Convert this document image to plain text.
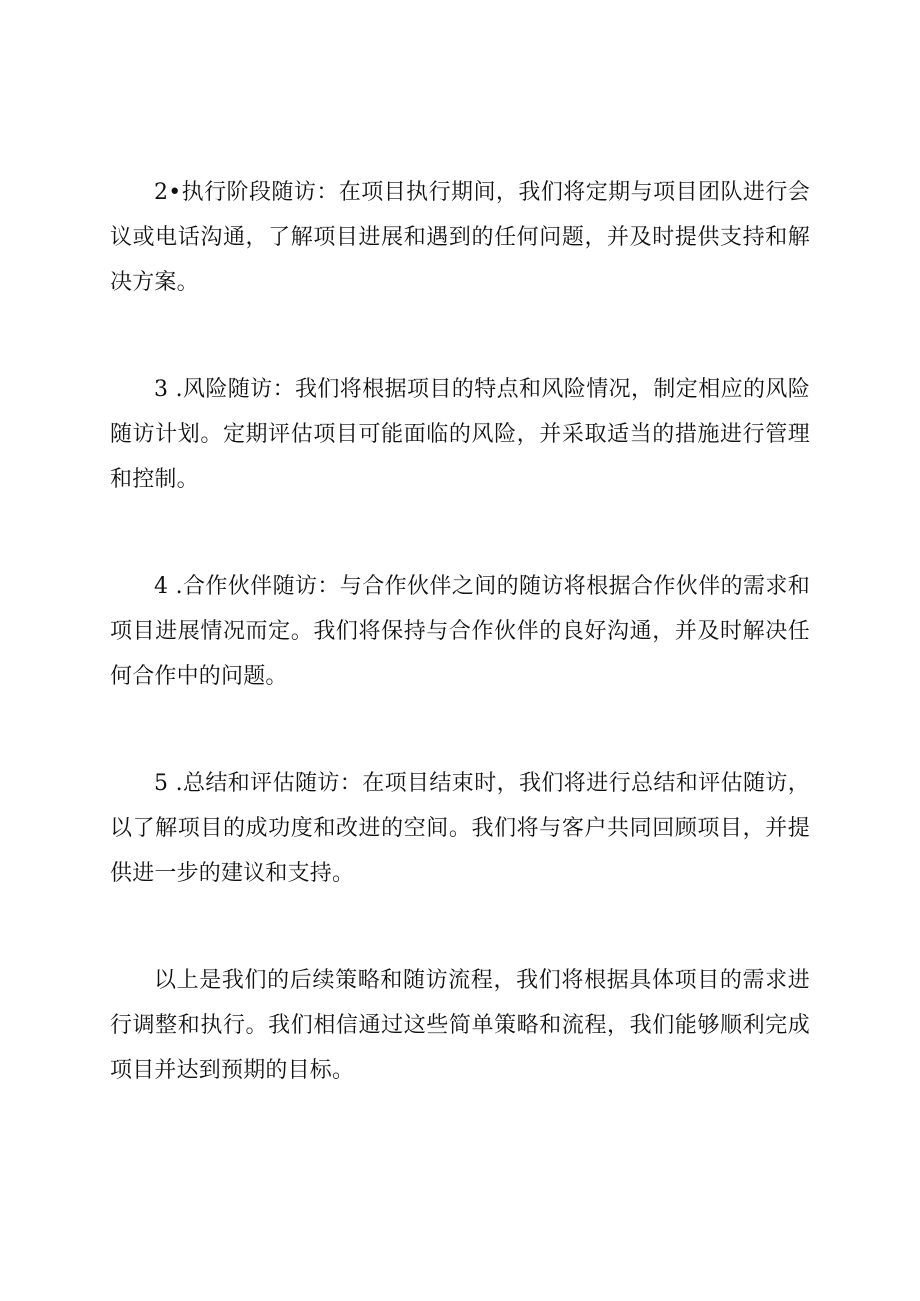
2•执行阶段随访：在项目执行期间，我们将定期与项目团队进行会议或电话沟通，了解项目进展和遇到的任何问题，并及时提供支持和解决方案。

3 .风险随访：我们将根据项目的特点和风险情况，制定相应的风险随访计划。定期评估项目可能面临的风险，并采取适当的措施进行管理和控制。

4 .合作伙伴随访：与合作伙伴之间的随访将根据合作伙伴的需求和项目进展情况而定。我们将保持与合作伙伴的良好沟通，并及时解决任何合作中的问题。

5 .总结和评估随访：在项目结束时，我们将进行总结和评估随访，以了解项目的成功度和改进的空间。我们将与客户共同回顾项目，并提供进一步的建议和支持。

以上是我们的后续策略和随访流程，我们将根据具体项目的需求进行调整和执行。我们相信通过这些简单策略和流程，我们能够顺利完成项目并达到预期的目标。
